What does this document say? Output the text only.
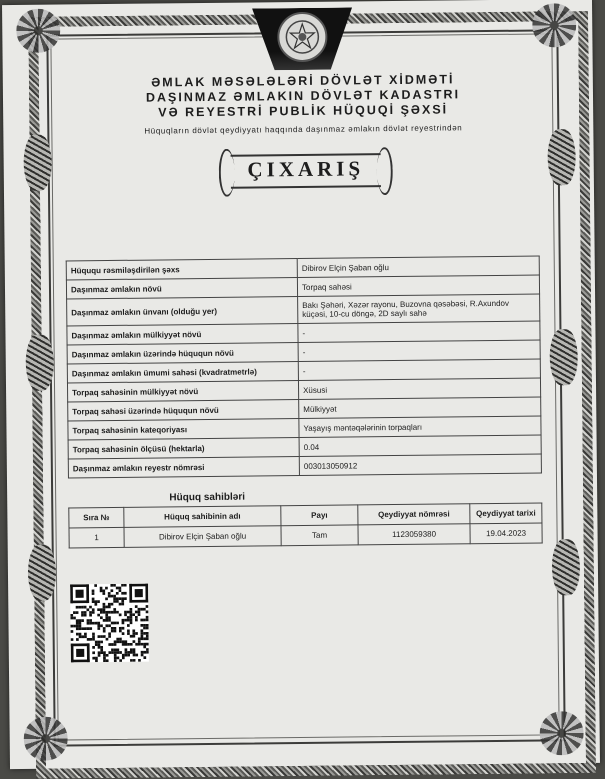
ƏMLAK MƏSƏLƏLƏRİ DÖVLƏT XİDMƏTİ
DAŞINMAZ ƏMLAKIN DÖVLƏT KADASTRI
VƏ REYESTRİ PUBLİK HÜQUQİ ŞƏXSİ
Hüquqların dövlət qeydiyyatı haqqında daşınmaz əmlakın dövlət reyestrindən
ÇIXARIŞ
Hüququ rəsmiləşdirilən şəxs	Dibirov Elçin Şaban oğlu
Daşınmaz əmlakın növü	Torpaq sahəsi
Daşınmaz əmlakın ünvanı (olduğu yer)	Bakı Şəhəri, Xəzər rayonu, Buzovna qəsəbəsi, R.Axundov küçəsi, 10-cu döngə, 2D saylı sahə
Daşınmaz əmlakın mülkiyyət növü	-
Daşınmaz əmlakın üzərində hüququn növü	-
Daşınmaz əmlakın ümumi sahəsi (kvadratmetrlə)	-
Torpaq sahəsinin mülkiyyət növü	Xüsusi
Torpaq sahəsi üzərində hüququn növü	Mülkiyyət
Torpaq sahəsinin kateqoriyası	Yaşayış məntəqələrinin torpaqları
Torpaq sahəsinin ölçüsü (hektarla)	0.04
Daşınmaz əmlakın reyestr nömrəsi	003013050912
Hüquq sahibləri
Sıra №	Hüquq sahibinin adı	Payı	Qeydiyyat nömrəsi	Qeydiyyat tarixi
1	Dibirov Elçin Şaban oğlu	Tam	1123059380	19.04.2023
